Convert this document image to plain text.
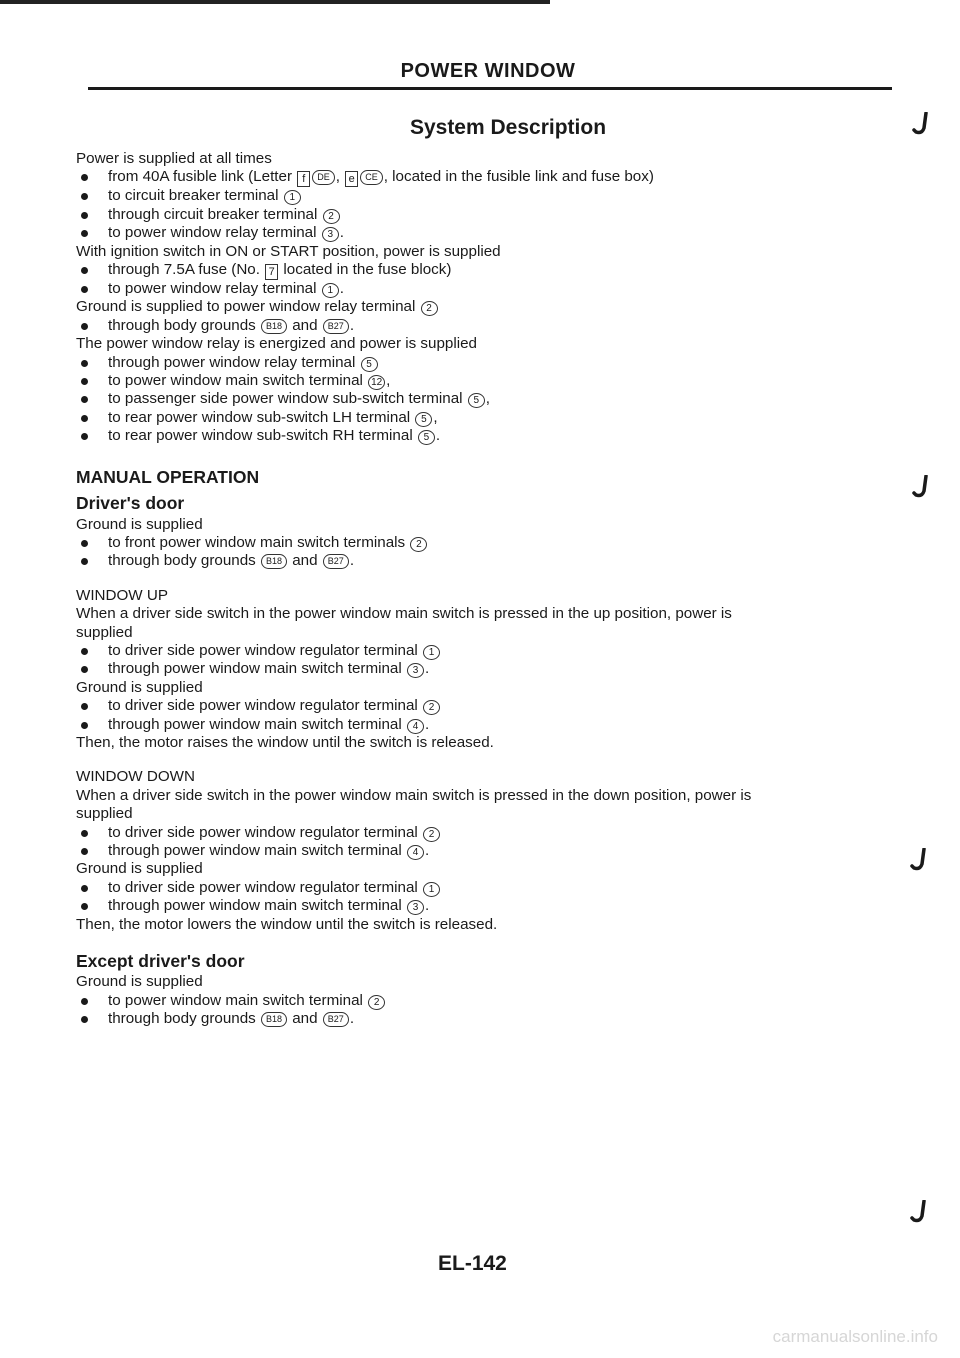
POWER WINDOW
System Description
Power is supplied at all times
from 40A fusible link (Letter f DE , e CE , located in the fusible link and fuse box)
to circuit breaker terminal 1
through circuit breaker terminal 2
to power window relay terminal 3 .
With ignition switch in ON or START position, power is supplied
through 7.5A fuse (No. 7 located in the fuse block)
to power window relay terminal 1 .
Ground is supplied to power window relay terminal 2
through body grounds B18 and B27 .
The power window relay is energized and power is supplied
through power window relay terminal 5
to power window main switch terminal 12 ,
to passenger side power window sub-switch terminal 5 ,
to rear power window sub-switch LH terminal 5 ,
to rear power window sub-switch RH terminal 5 .
MANUAL OPERATION
Driver's door
Ground is supplied
to front power window main switch terminals 2
through body grounds B18 and B27 .
WINDOW UP
When a driver side switch in the power window main switch is pressed in the up position, power is supplied
to driver side power window regulator terminal 1
through power window main switch terminal 3 .
Ground is supplied
to driver side power window regulator terminal 2
through power window main switch terminal 4 .
Then, the motor raises the window until the switch is released.
WINDOW DOWN
When a driver side switch in the power window main switch is pressed in the down position, power is supplied
to driver side power window regulator terminal 2
through power window main switch terminal 4 .
Ground is supplied
to driver side power window regulator terminal 1
through power window main switch terminal 3 .
Then, the motor lowers the window until the switch is released.
Except driver's door
Ground is supplied
to power window main switch terminal 2
through body grounds B18 and B27 .
EL-142
carmanualsonline.info
